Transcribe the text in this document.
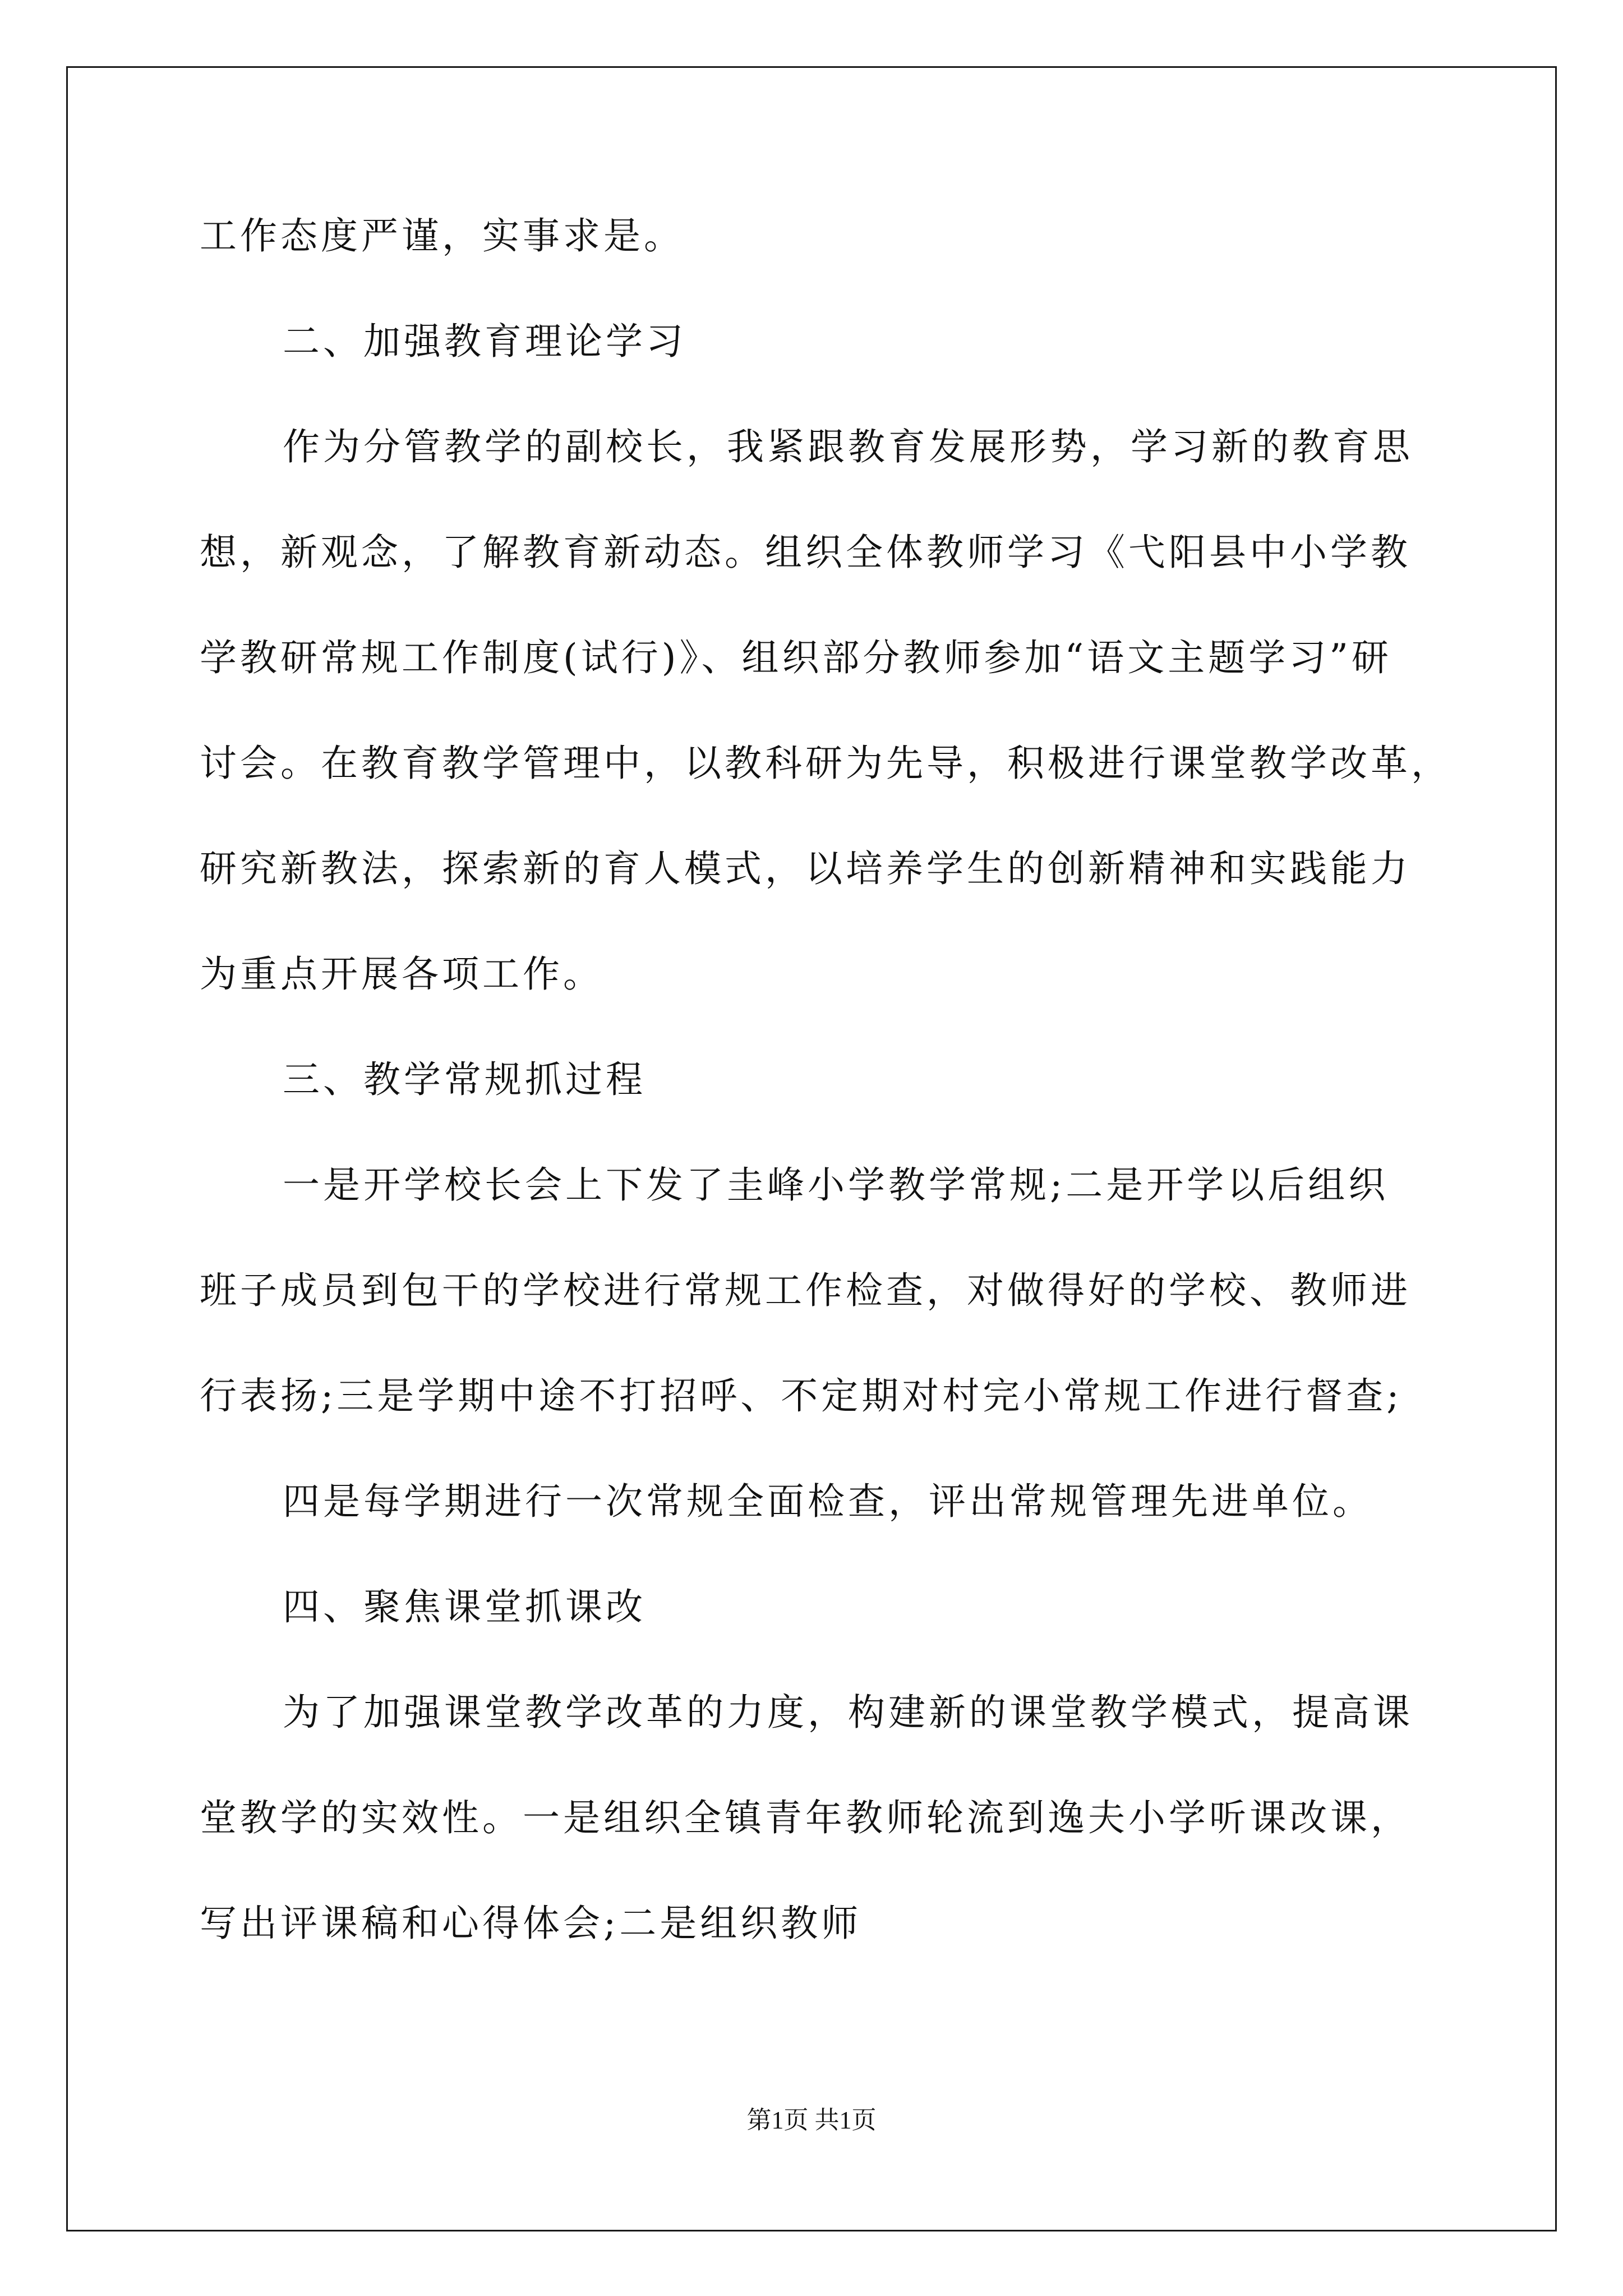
工作态度严谨，实事求是。
二、加强教育理论学习
作为分管教学的副校长，我紧跟教育发展形势，学习新的教育思
想，新观念，了解教育新动态。组织全体教师学习《弋阳县中小学教
学教研常规工作制度(试行)》、组织部分教师参加“语文主题学习”研
讨会。在教育教学管理中，以教科研为先导，积极进行课堂教学改革，
研究新教法，探索新的育人模式，以培养学生的创新精神和实践能力
为重点开展各项工作。
三、教学常规抓过程
一是开学校长会上下发了圭峰小学教学常规;二是开学以后组织
班子成员到包干的学校进行常规工作检查，对做得好的学校、教师进
行表扬;三是学期中途不打招呼、不定期对村完小常规工作进行督查;
四是每学期进行一次常规全面检查，评出常规管理先进单位。
四、聚焦课堂抓课改
为了加强课堂教学改革的力度，构建新的课堂教学模式，提高课
堂教学的实效性。一是组织全镇青年教师轮流到逸夫小学听课改课，
写出评课稿和心得体会;二是组织教师
第1页 共1页
